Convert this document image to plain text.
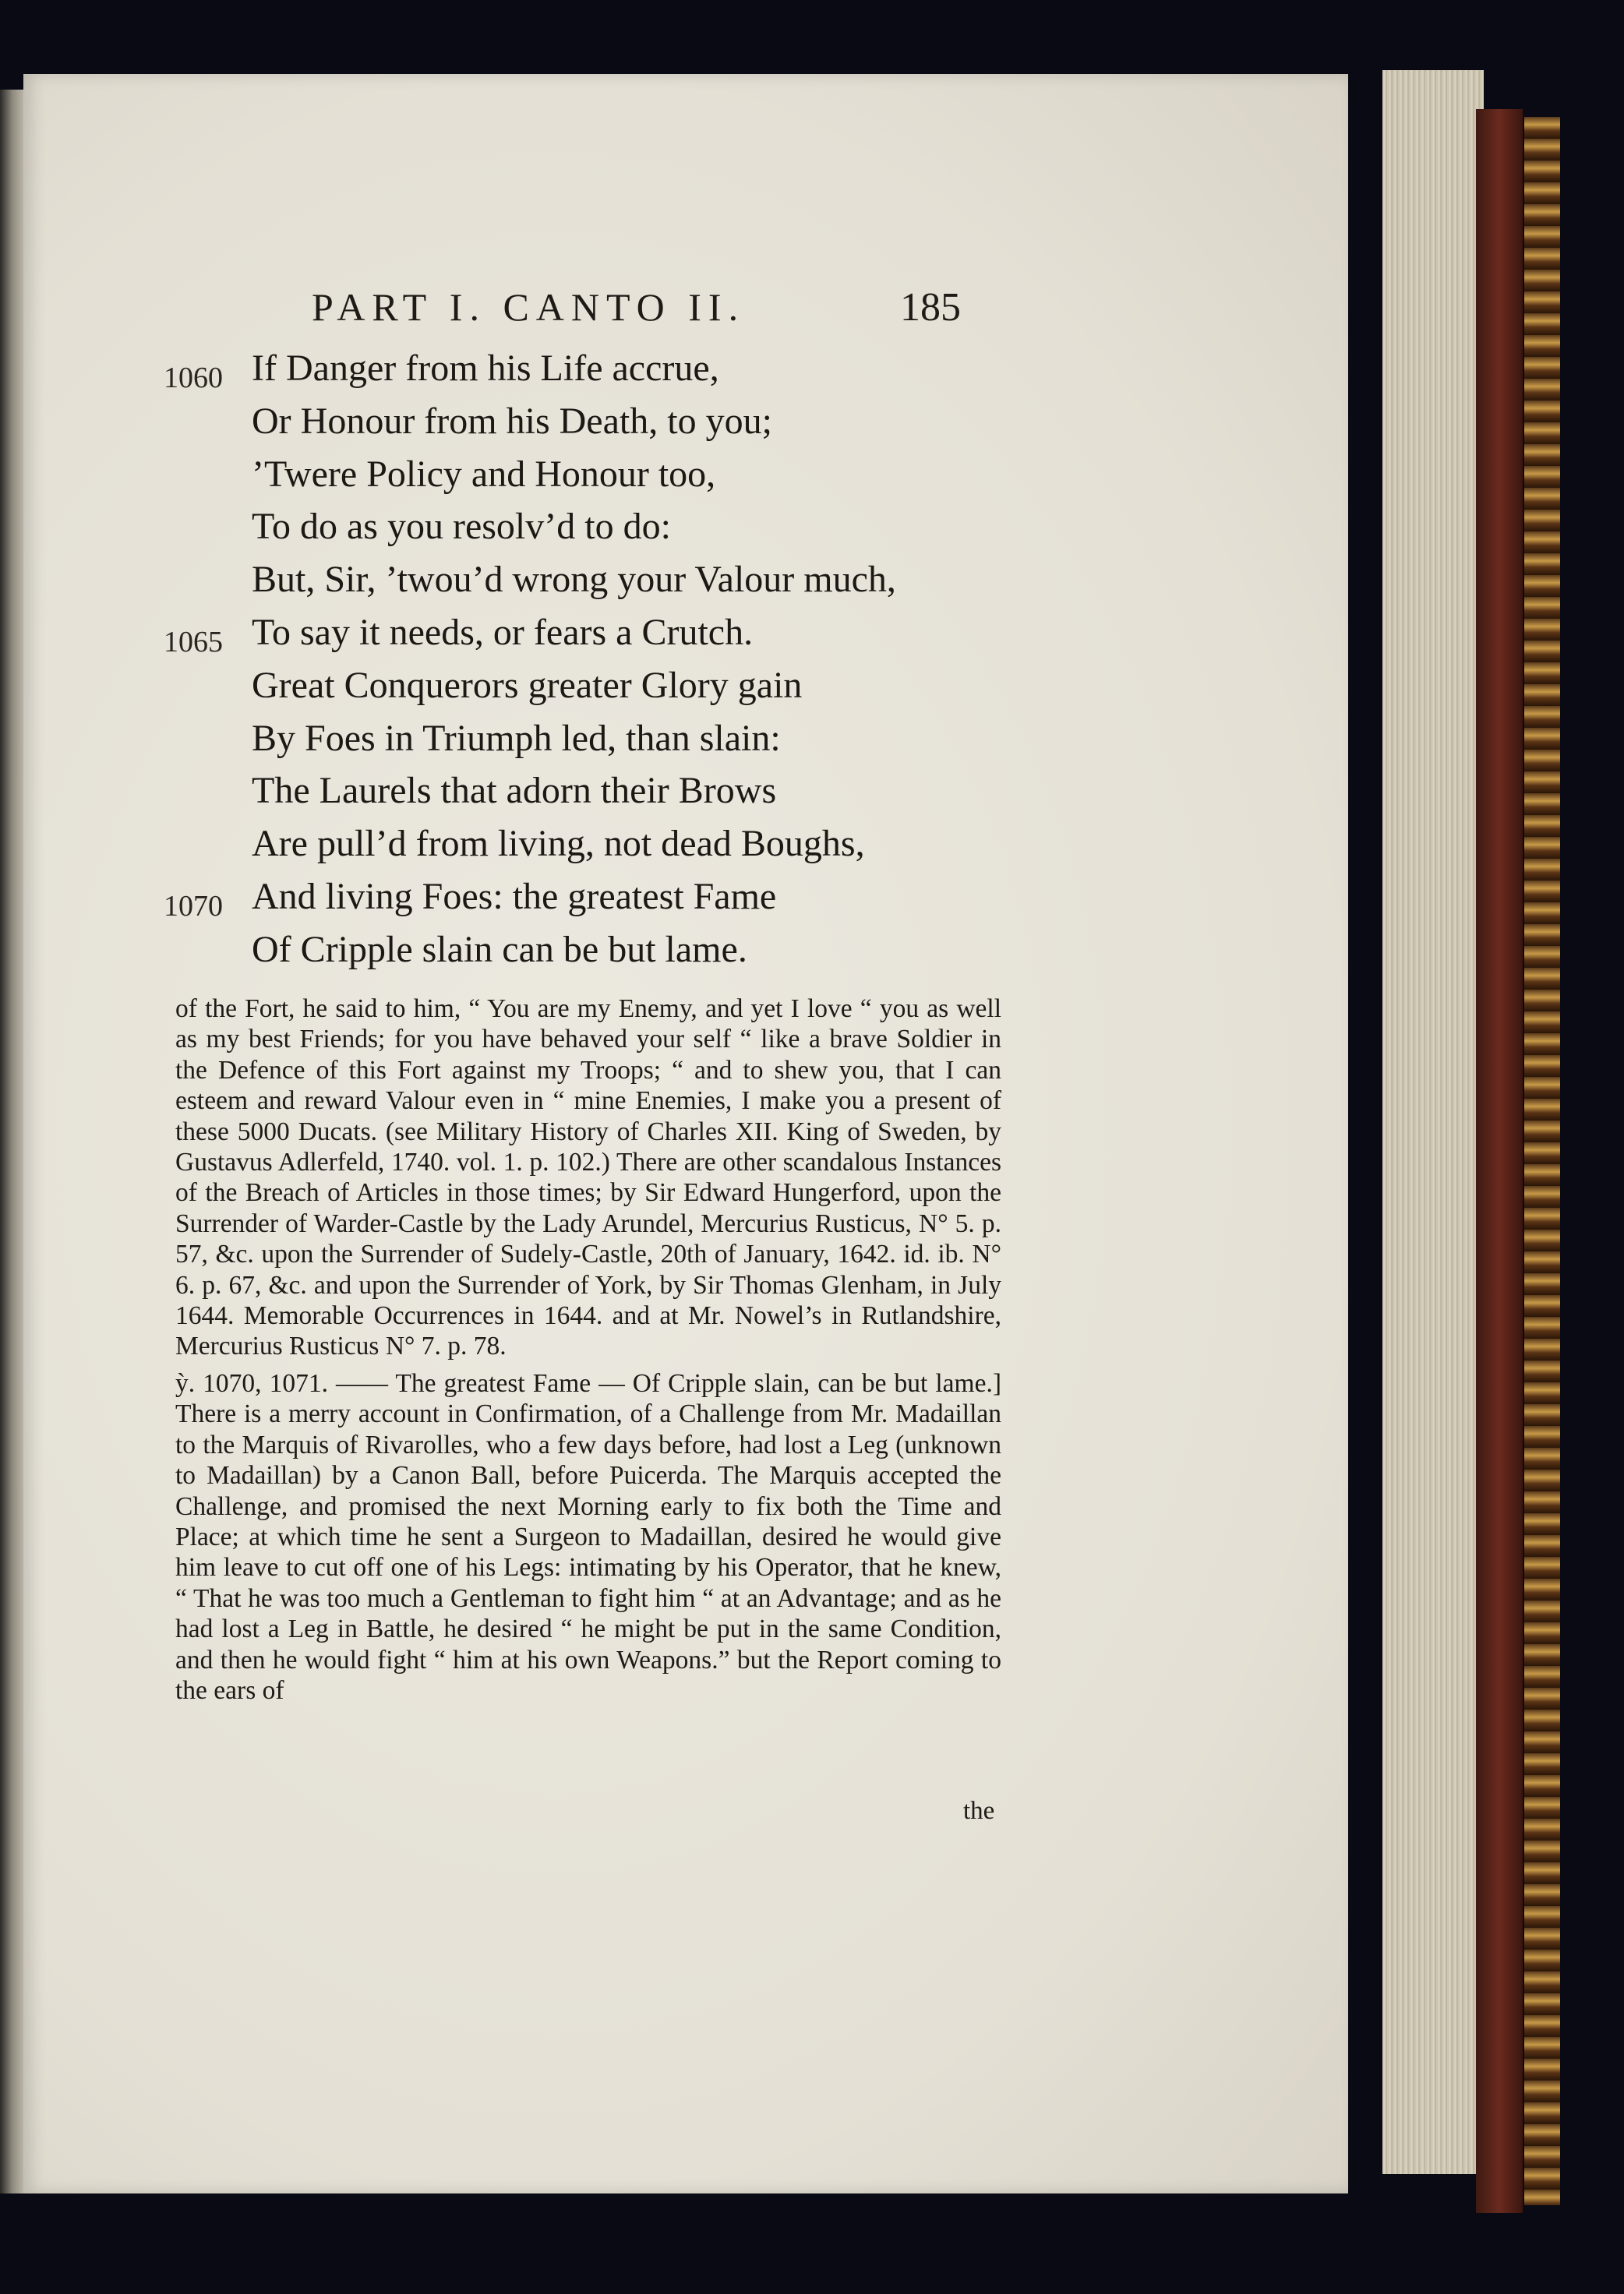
PART I. CANTO II.	185
1060 If Danger from his Life accrue,
Or Honour from his Death, to you;
’Twere Policy and Honour too,
To do as you resolv’d to do:
But, Sir, ’twou’d wrong your Valour much,
1065 To say it needs, or fears a Crutch.
Great Conquerors greater Glory gain
By Foes in Triumph led, than slain:
The Laurels that adorn their Brows
Are pull’d from living, not dead Boughs,
1070 And living Foes: the greatest Fame
Of Cripple slain can be but lame.

of the Fort, he said to him, “ You are my Enemy, and yet I love “ you as well as my best Friends; for you have behaved your self “ like a brave Soldier in the Defence of this Fort against my Troops; “ and to shew you, that I can esteem and reward Valour even in “ mine Enemies, I make you a present of these 5000 Ducats. (see Military History of Charles XII. King of Sweden, by Gustavus Adlerfeld, 1740. vol. 1. p. 102.) There are other scandalous Instances of the Breach of Articles in those times; by Sir Edward Hungerford, upon the Surrender of Warder-Castle by the Lady Arundel, Mercurius Rusticus, N° 5. p. 57, &c. upon the Surrender of Sudely-Castle, 20th of January, 1642. id. ib. N° 6. p. 67, &c. and upon the Surrender of York, by Sir Thomas Glenham, in July 1644. Memorable Occurrences in 1644. and at Mr. Nowel’s in Rutlandshire, Mercurius Rusticus N° 7. p. 78.

ỳ. 1070, 1071. —— The greatest Fame — Of Cripple slain, can be but lame.] There is a merry account in Confirmation, of a Challenge from Mr. Madaillan to the Marquis of Rivarolles, who a few days before, had lost a Leg (unknown to Madaillan) by a Canon Ball, before Puicerda. The Marquis accepted the Challenge, and promised the next Morning early to fix both the Time and Place; at which time he sent a Surgeon to Madaillan, desired he would give him leave to cut off one of his Legs: intimating by his Operator, that he knew, “ That he was too much a Gentleman to fight him “ at an Advantage; and as he had lost a Leg in Battle, he desired “ he might be put in the same Condition, and then he would fight “ him at his own Weapons.” but the Report coming to the ears of

the
